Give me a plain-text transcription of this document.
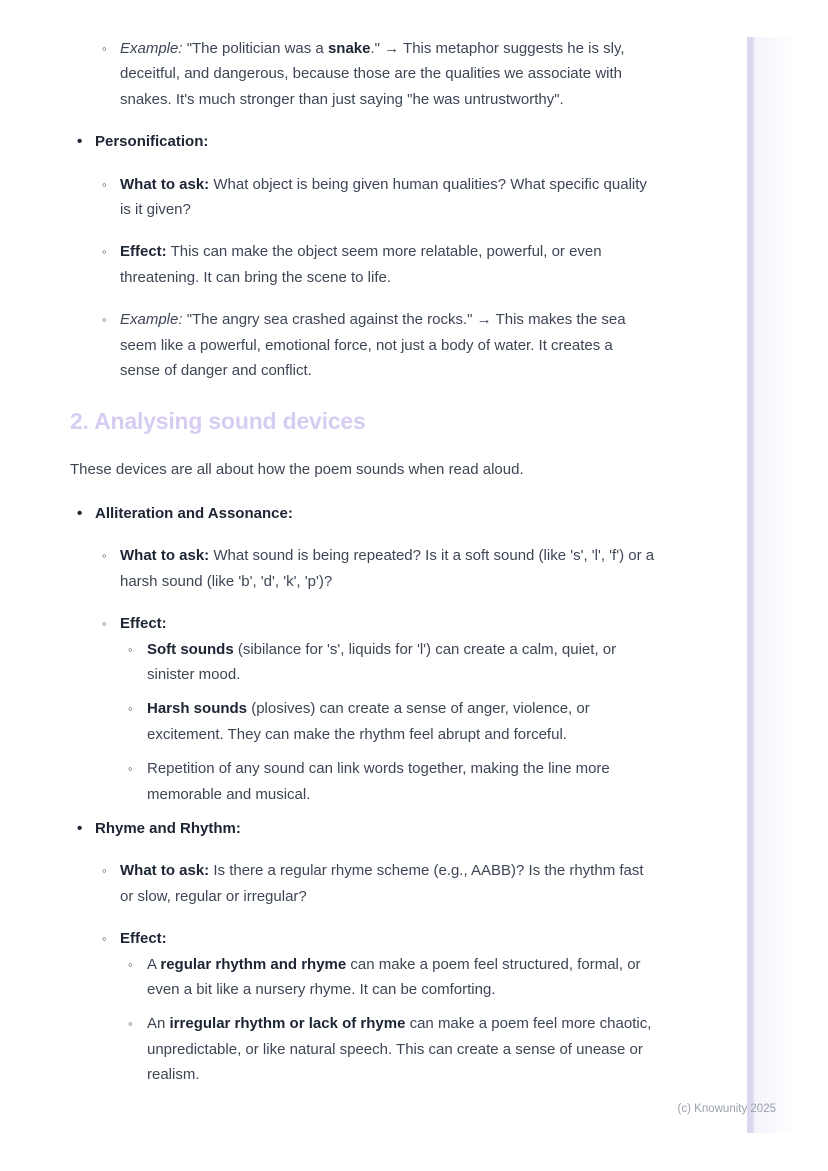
◦ Example: "The politician was a snake." → This metaphor suggests he is sly, deceitful, and dangerous, because those are the qualities we associate with snakes. It's much stronger than just saying "he was untrustworthy".
• Personification:
◦ What to ask: What object is being given human qualities? What specific quality is it given?
◦ Effect: This can make the object seem more relatable, powerful, or even threatening. It can bring the scene to life.
◦ Example: "The angry sea crashed against the rocks." → This makes the sea seem like a powerful, emotional force, not just a body of water. It creates a sense of danger and conflict.
2. Analysing sound devices
These devices are all about how the poem sounds when read aloud.
• Alliteration and Assonance:
◦ What to ask: What sound is being repeated? Is it a soft sound (like 's', 'l', 'f') or a harsh sound (like 'b', 'd', 'k', 'p')?
◦ Effect:
◦ Soft sounds (sibilance for 's', liquids for 'l') can create a calm, quiet, or sinister mood.
◦ Harsh sounds (plosives) can create a sense of anger, violence, or excitement. They can make the rhythm feel abrupt and forceful.
◦ Repetition of any sound can link words together, making the line more memorable and musical.
• Rhyme and Rhythm:
◦ What to ask: Is there a regular rhyme scheme (e.g., AABB)? Is the rhythm fast or slow, regular or irregular?
◦ Effect:
◦ A regular rhythm and rhyme can make a poem feel structured, formal, or even a bit like a nursery rhyme. It can be comforting.
◦ An irregular rhythm or lack of rhyme can make a poem feel more chaotic, unpredictable, or like natural speech. This can create a sense of unease or realism.
(c) Knowunity 2025
